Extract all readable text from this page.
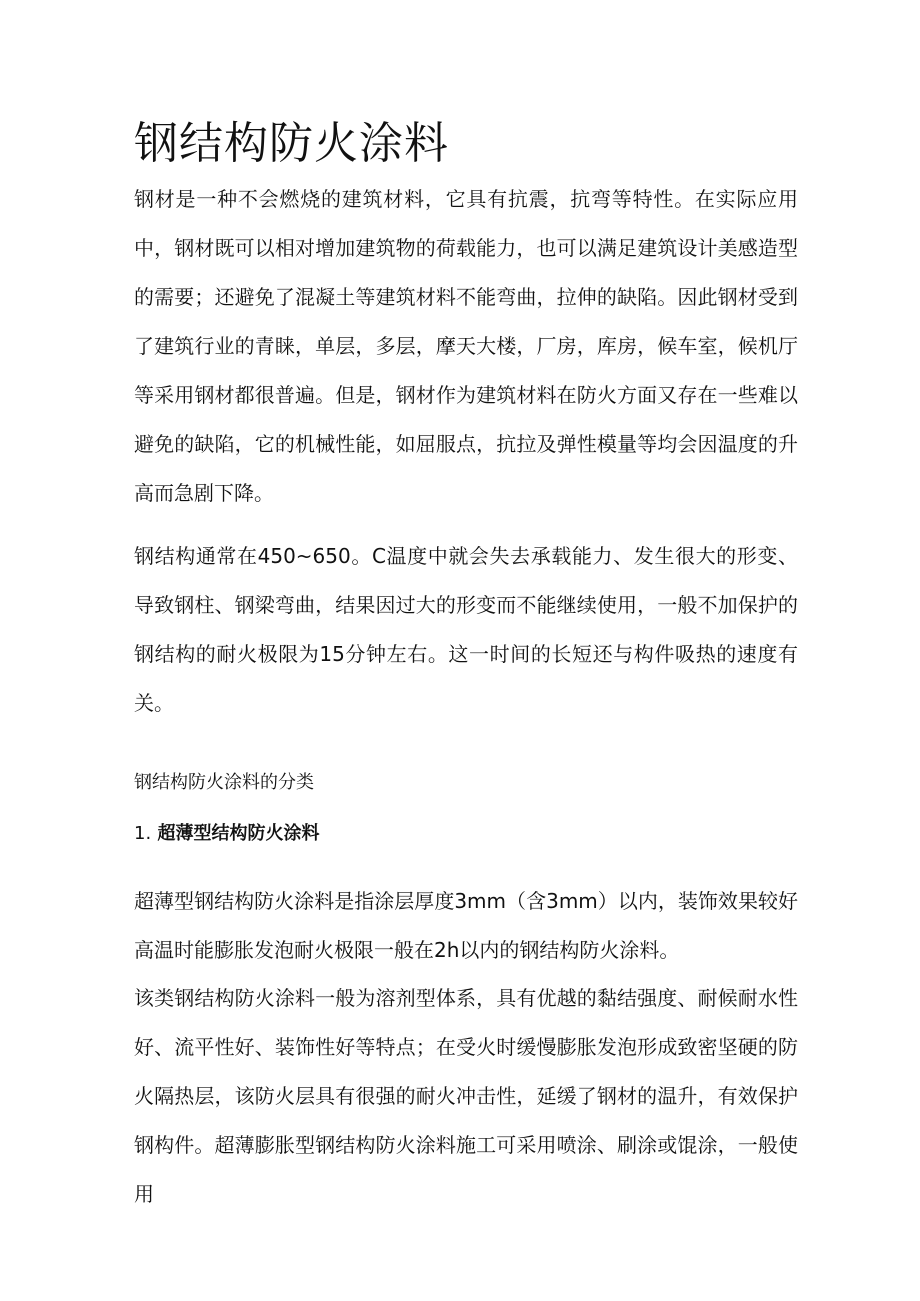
钢结构防火涂料

钢材是一种不会燃烧的建筑材料，它具有抗震，抗弯等特性。在实际应用中，钢材既可以相对增加建筑物的荷载能力，也可以满足建筑设计美感造型的需要；还避免了混凝土等建筑材料不能弯曲，拉伸的缺陷。因此钢材受到了建筑行业的青睐，单层，多层，摩天大楼，厂房，库房，候车室，候机厅等采用钢材都很普遍。但是，钢材作为建筑材料在防火方面又存在一些难以避免的缺陷，它的机械性能，如屈服点，抗拉及弹性模量等均会因温度的升高而急剧下降。

钢结构通常在450~650。C温度中就会失去承载能力、发生很大的形变、导致钢柱、钢梁弯曲，结果因过大的形变而不能继续使用，一般不加保护的钢结构的耐火极限为15分钟左右。这一时间的长短还与构件吸热的速度有关。

钢结构防火涂料的分类
1. 超薄型结构防火涂料

超薄型钢结构防火涂料是指涂层厚度3mm（含3mm）以内，装饰效果较好高温时能膨胀发泡耐火极限一般在2h以内的钢结构防火涂料。

该类钢结构防火涂料一般为溶剂型体系，具有优越的黏结强度、耐候耐水性好、流平性好、装饰性好等特点；在受火时缓慢膨胀发泡形成致密坚硬的防火隔热层，该防火层具有很强的耐火冲击性，延缓了钢材的温升，有效保护钢构件。超薄膨胀型钢结构防火涂料施工可采用喷涂、刷涂或馄涂，一般使用
